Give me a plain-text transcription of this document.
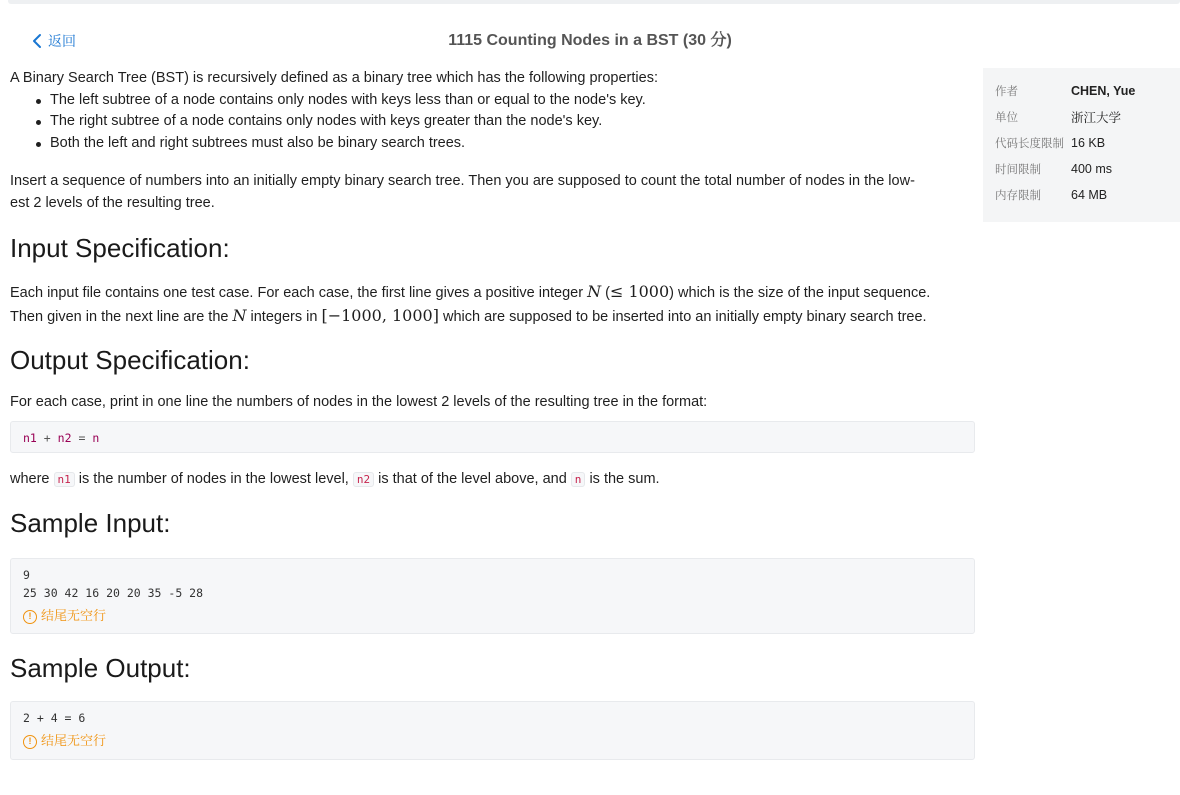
返回	1115 Counting Nodes in a BST (30 分)

A Binary Search Tree (BST) is recursively defined as a binary tree which has the following properties:

The left subtree of a node contains only nodes with keys less than or equal to the node's key.
The right subtree of a node contains only nodes with keys greater than the node's key.
Both the left and right subtrees must also be binary search trees.

Insert a sequence of numbers into an initially empty binary search tree. Then you are supposed to count the total number of nodes in the low-
est 2 levels of the resulting tree.

Input Specification:

Each input file contains one test case. For each case, the first line gives a positive integer N (≤ 1000) which is the size of the input sequence.
Then given in the next line are the N integers in [−1000, 1000] which are supposed to be inserted into an initially empty binary search tree.

Output Specification:

For each case, print in one line the numbers of nodes in the lowest 2 levels of the resulting tree in the format:

n1 + n2 = n

where n1 is the number of nodes in the lowest level, n2 is that of the level above, and n is the sum.

Sample Input:
9
25 30 42 16 20 20 35 -5 28
! 结尾无空行
Sample Output:
2 + 4 = 6
! 结尾无空行
作者	CHEN, Yue
单位	浙江大学
代码长度限制 16 KB
时间限制	400 ms
内存限制	64 MB
